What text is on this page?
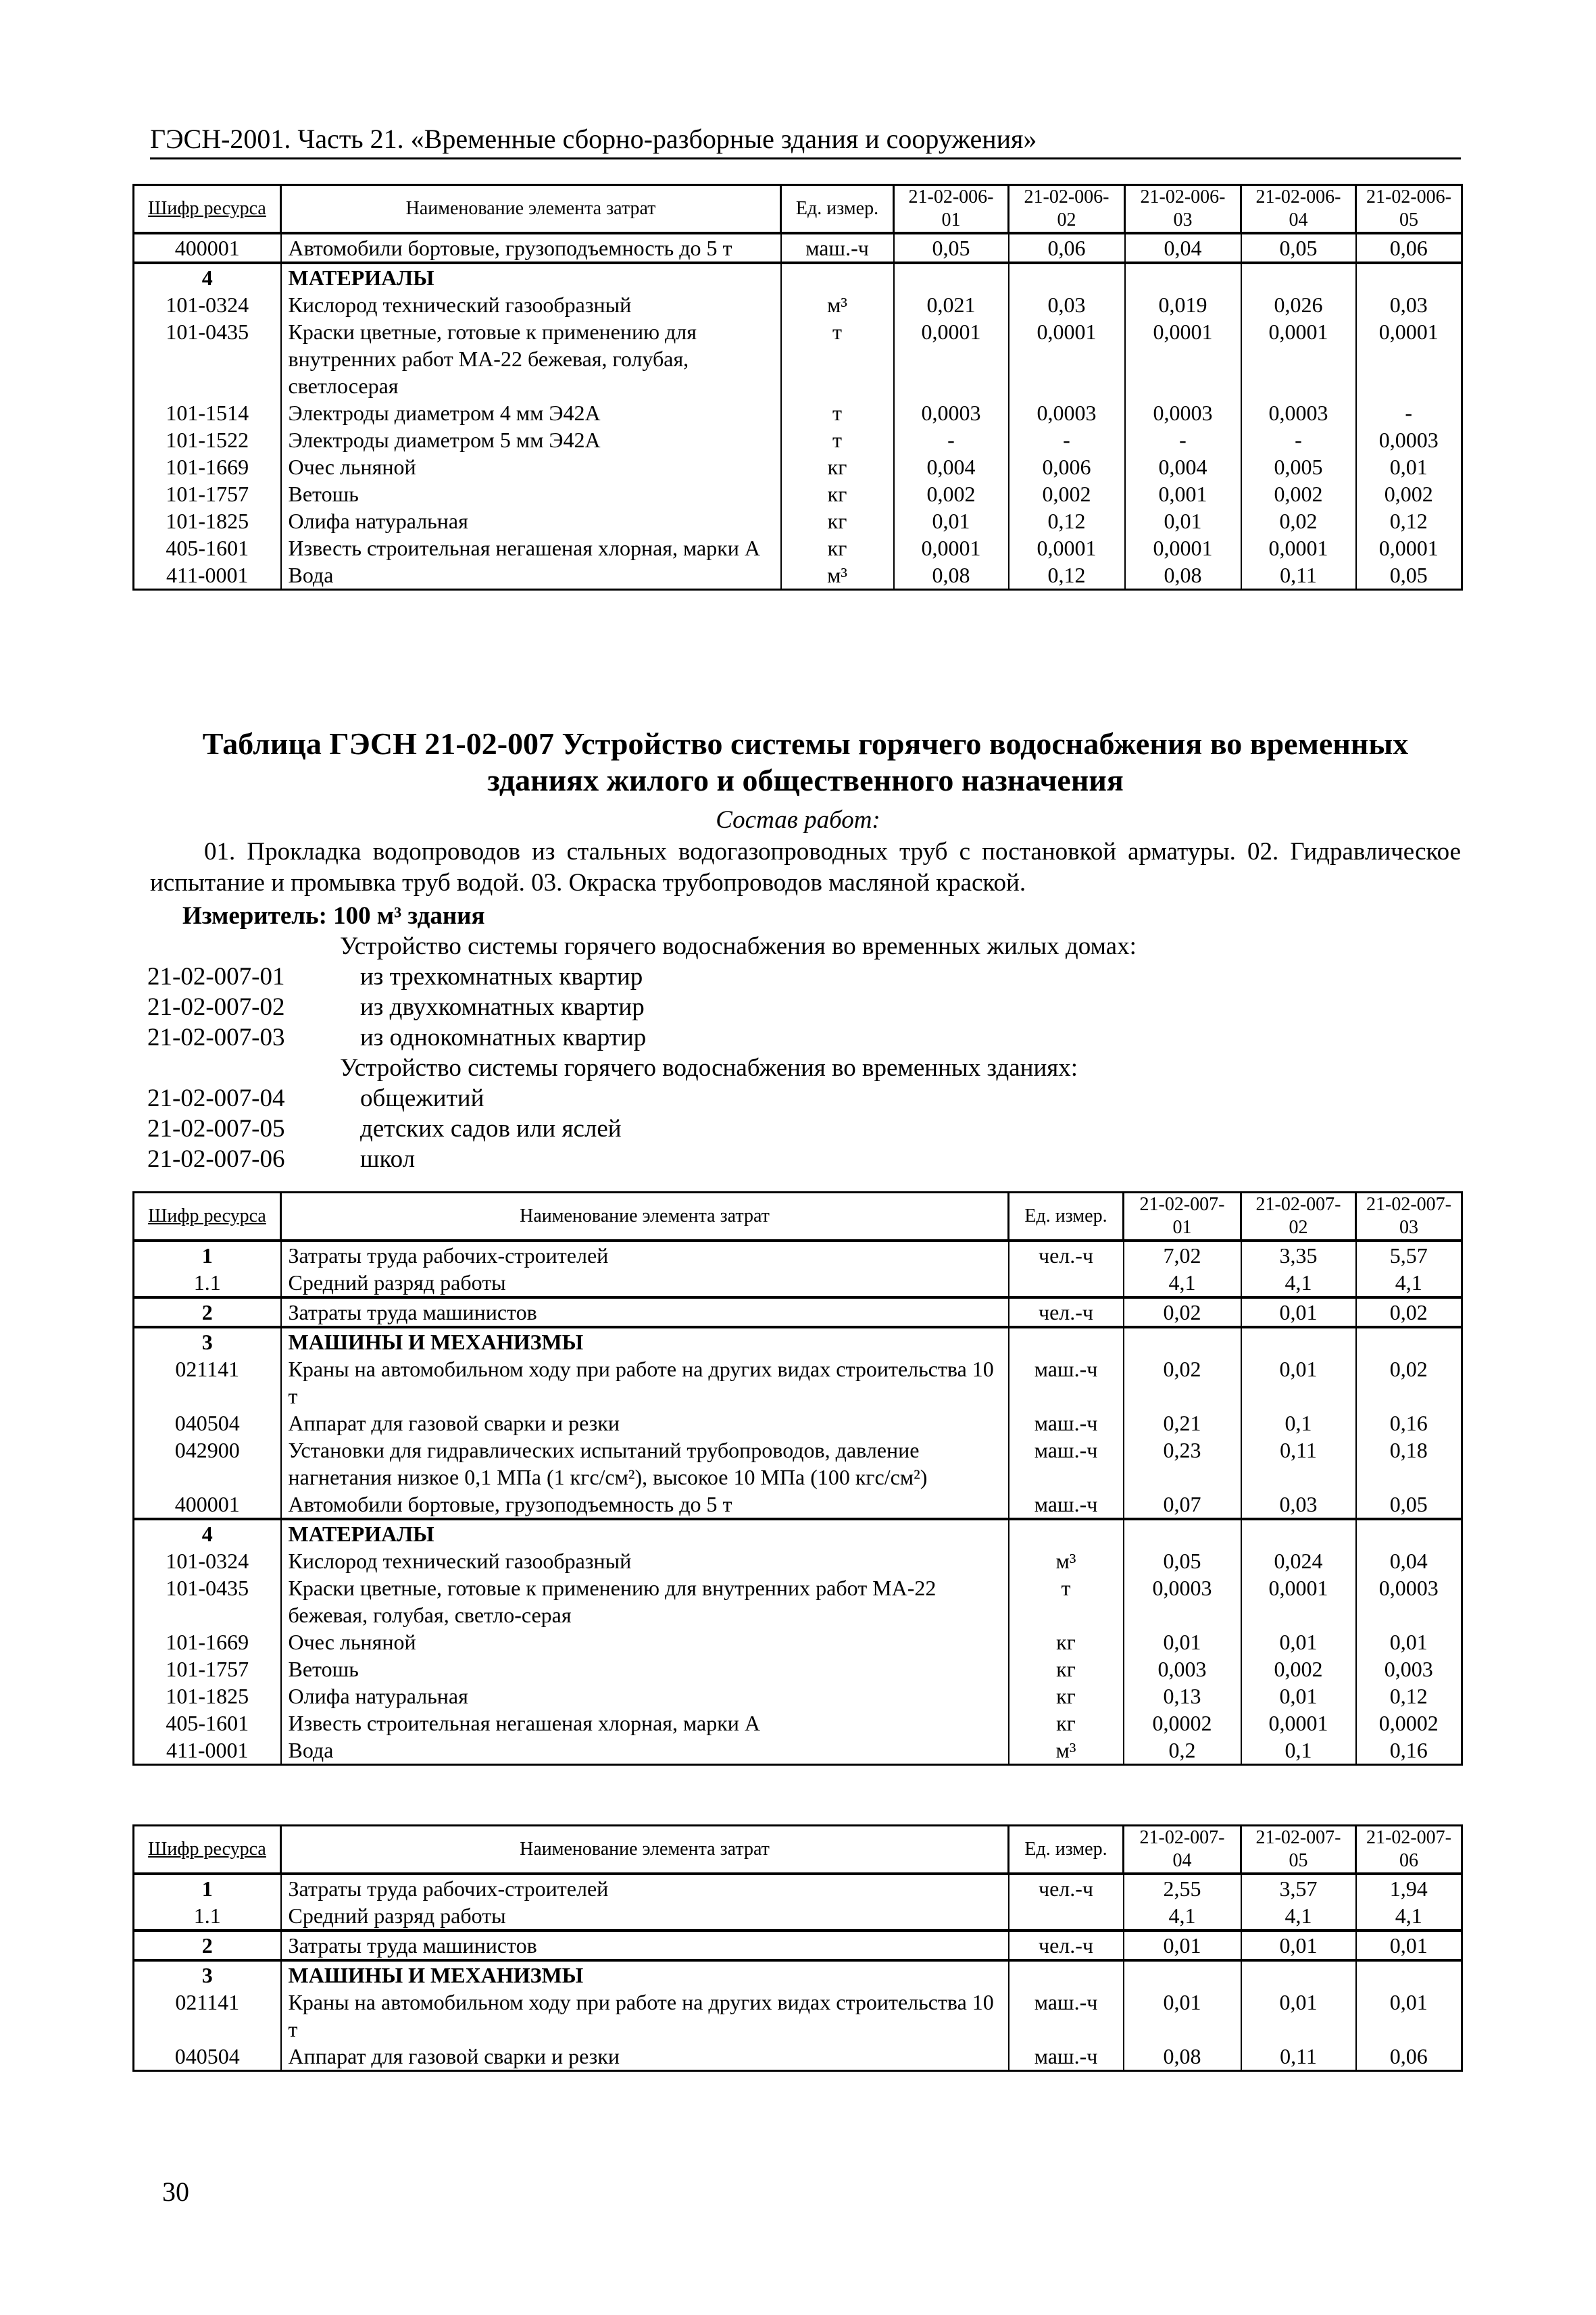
ГЭСН-2001. Часть 21. «Временные сборно-разборные здания и сооружения»
Шифр ресурса	Наименование элемента затрат	Ед. измер.	21-02-006-01	21-02-006-02	21-02-006-03	21-02-006-04	21-02-006-05
400001	Автомобили бортовые, грузоподъемность до 5 т	маш.-ч	0,05	0,06	0,04	0,05	0,06
4	МАТЕРИАЛЫ						
101-0324	Кислород технический газообразный	м³	0,021	0,03	0,019	0,026	0,03
101-0435	Краски цветные, готовые к применению для внутренних работ МА-22 бежевая, голубая, светлосерая	т	0,0001	0,0001	0,0001	0,0001	0,0001
101-1514	Электроды диаметром 4 мм Э42А	т	0,0003	0,0003	0,0003	0,0003	-
101-1522	Электроды диаметром 5 мм Э42А	т	-	-	-	-	0,0003
101-1669	Очес льняной	кг	0,004	0,006	0,004	0,005	0,01
101-1757	Ветошь	кг	0,002	0,002	0,001	0,002	0,002
101-1825	Олифа натуральная	кг	0,01	0,12	0,01	0,02	0,12
405-1601	Известь строительная негашеная хлорная, марки А	кг	0,0001	0,0001	0,0001	0,0001	0,0001
411-0001	Вода	м³	0,08	0,12	0,08	0,11	0,05
Таблица ГЭСН 21-02-007 Устройство системы горячего водоснабжения во временных зданиях жилого и общественного назначения
Состав работ:
01. Прокладка водопроводов из стальных водогазопроводных труб с постановкой арматуры. 02. Гидравлическое испытание и промывка труб водой. 03. Окраска трубопроводов масляной краской.
Измеритель: 100 м³ здания
Устройство системы горячего водоснабжения во временных жилых домах:
21-02-007-01	из трехкомнатных квартир
21-02-007-02	из двухкомнатных квартир
21-02-007-03	из однокомнатных квартир
Устройство системы горячего водоснабжения во временных зданиях:
21-02-007-04	общежитий
21-02-007-05	детских садов или яслей
21-02-007-06	школ
Шифр ресурса	Наименование элемента затрат	Ед. измер.	21-02-007-01	21-02-007-02	21-02-007-03
1	Затраты труда рабочих-строителей	чел.-ч	7,02	3,35	5,57
1.1	Средний разряд работы		4,1	4,1	4,1
2	Затраты труда машинистов	чел.-ч	0,02	0,01	0,02
3	МАШИНЫ И МЕХАНИЗМЫ				
021141	Краны на автомобильном ходу при работе на других видах строительства 10 т	маш.-ч	0,02	0,01	0,02
040504	Аппарат для газовой сварки и резки	маш.-ч	0,21	0,1	0,16
042900	Установки для гидравлических испытаний трубопроводов, давление нагнетания низкое 0,1 МПа (1 кгс/см²), высокое 10 МПа (100 кгс/см²)	маш.-ч	0,23	0,11	0,18
400001	Автомобили бортовые, грузоподъемность до 5 т	маш.-ч	0,07	0,03	0,05
4	МАТЕРИАЛЫ				
101-0324	Кислород технический газообразный	м³	0,05	0,024	0,04
101-0435	Краски цветные, готовые к применению для внутренних работ МА-22 бежевая, голубая, светло-серая	т	0,0003	0,0001	0,0003
101-1669	Очес льняной	кг	0,01	0,01	0,01
101-1757	Ветошь	кг	0,003	0,002	0,003
101-1825	Олифа натуральная	кг	0,13	0,01	0,12
405-1601	Известь строительная негашеная хлорная, марки А	кг	0,0002	0,0001	0,0002
411-0001	Вода	м³	0,2	0,1	0,16
Шифр ресурса	Наименование элемента затрат	Ед. измер.	21-02-007-04	21-02-007-05	21-02-007-06
1	Затраты труда рабочих-строителей	чел.-ч	2,55	3,57	1,94
1.1	Средний разряд работы		4,1	4,1	4,1
2	Затраты труда машинистов	чел.-ч	0,01	0,01	0,01
3	МАШИНЫ И МЕХАНИЗМЫ				
021141	Краны на автомобильном ходу при работе на других видах строительства 10 т	маш.-ч	0,01	0,01	0,01
040504	Аппарат для газовой сварки и резки	маш.-ч	0,08	0,11	0,06
30
